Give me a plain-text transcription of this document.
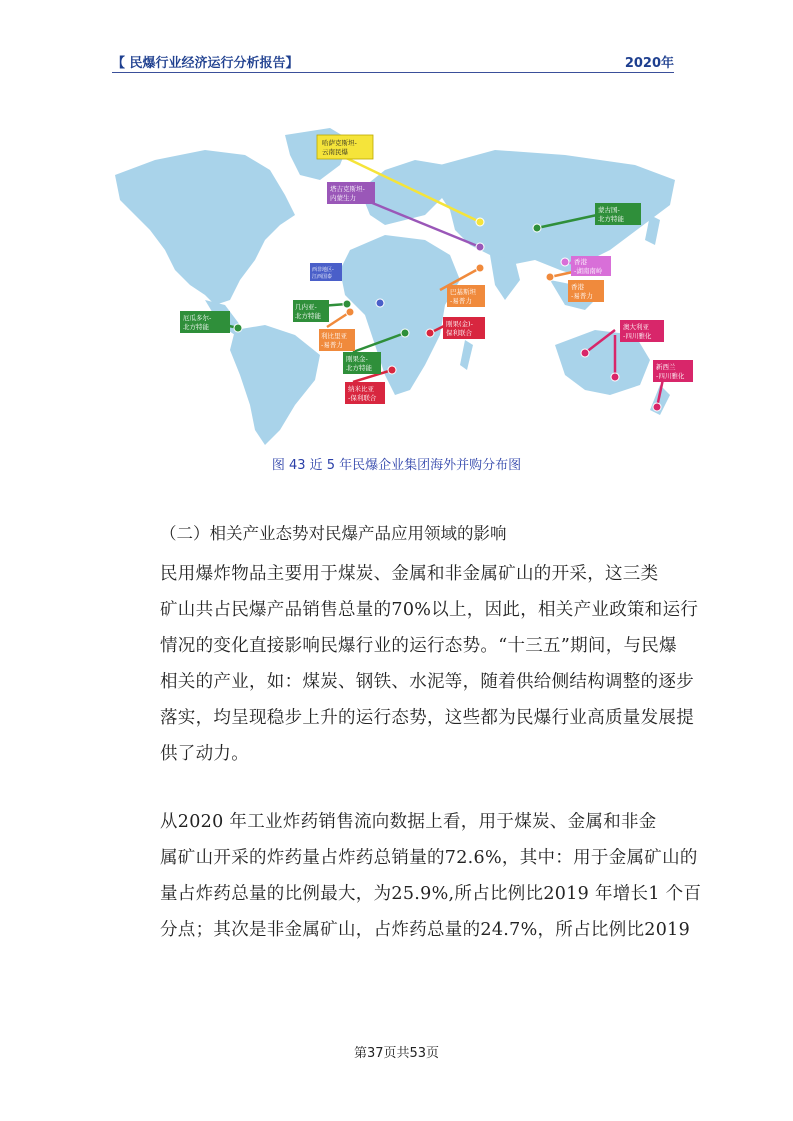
【 民爆行业经济运行分析报告】	2020年
哈萨克斯坦-
云南民爆
塔吉克斯坦-
内蒙生力
蒙古国-
北方特能
西非地区-
江西国泰
香港
-湖南南岭
香港
-易普力
巴基斯坦
-易普力
几内亚-
北方特能
利比里亚
-易普力
厄瓜多尔-
北方特能	刚果(金)-
保利联合
澳大利亚
-四川雅化
刚果金-
北方特能	新西兰
-四川雅化
纳米比亚
-保利联合
图 43 近 5 年民爆企业集团海外并购分布图
（二）相关产业态势对民爆产品应用领域的影响
民用爆炸物品主要用于煤炭、金属和非金属矿山的开采，这三类
矿山共占民爆产品销售总量的70%以上，因此，相关产业政策和运行
情况的变化直接影响民爆行业的运行态势。“十三五”期间，与民爆
相关的产业，如：煤炭、钢铁、水泥等，随着供给侧结构调整的逐步
落实，均呈现稳步上升的运行态势，这些都为民爆行业高质量发展提
供了动力。
从2020 年工业炸药销售流向数据上看，用于煤炭、金属和非金
属矿山开采的炸药量占炸药总销量的72.6%，其中：用于金属矿山的
量占炸药总量的比例最大，为25.9%,所占比例比2019 年增长1 个百
分点；其次是非金属矿山，占炸药总量的24.7%，所占比例比2019
第37页共53页
